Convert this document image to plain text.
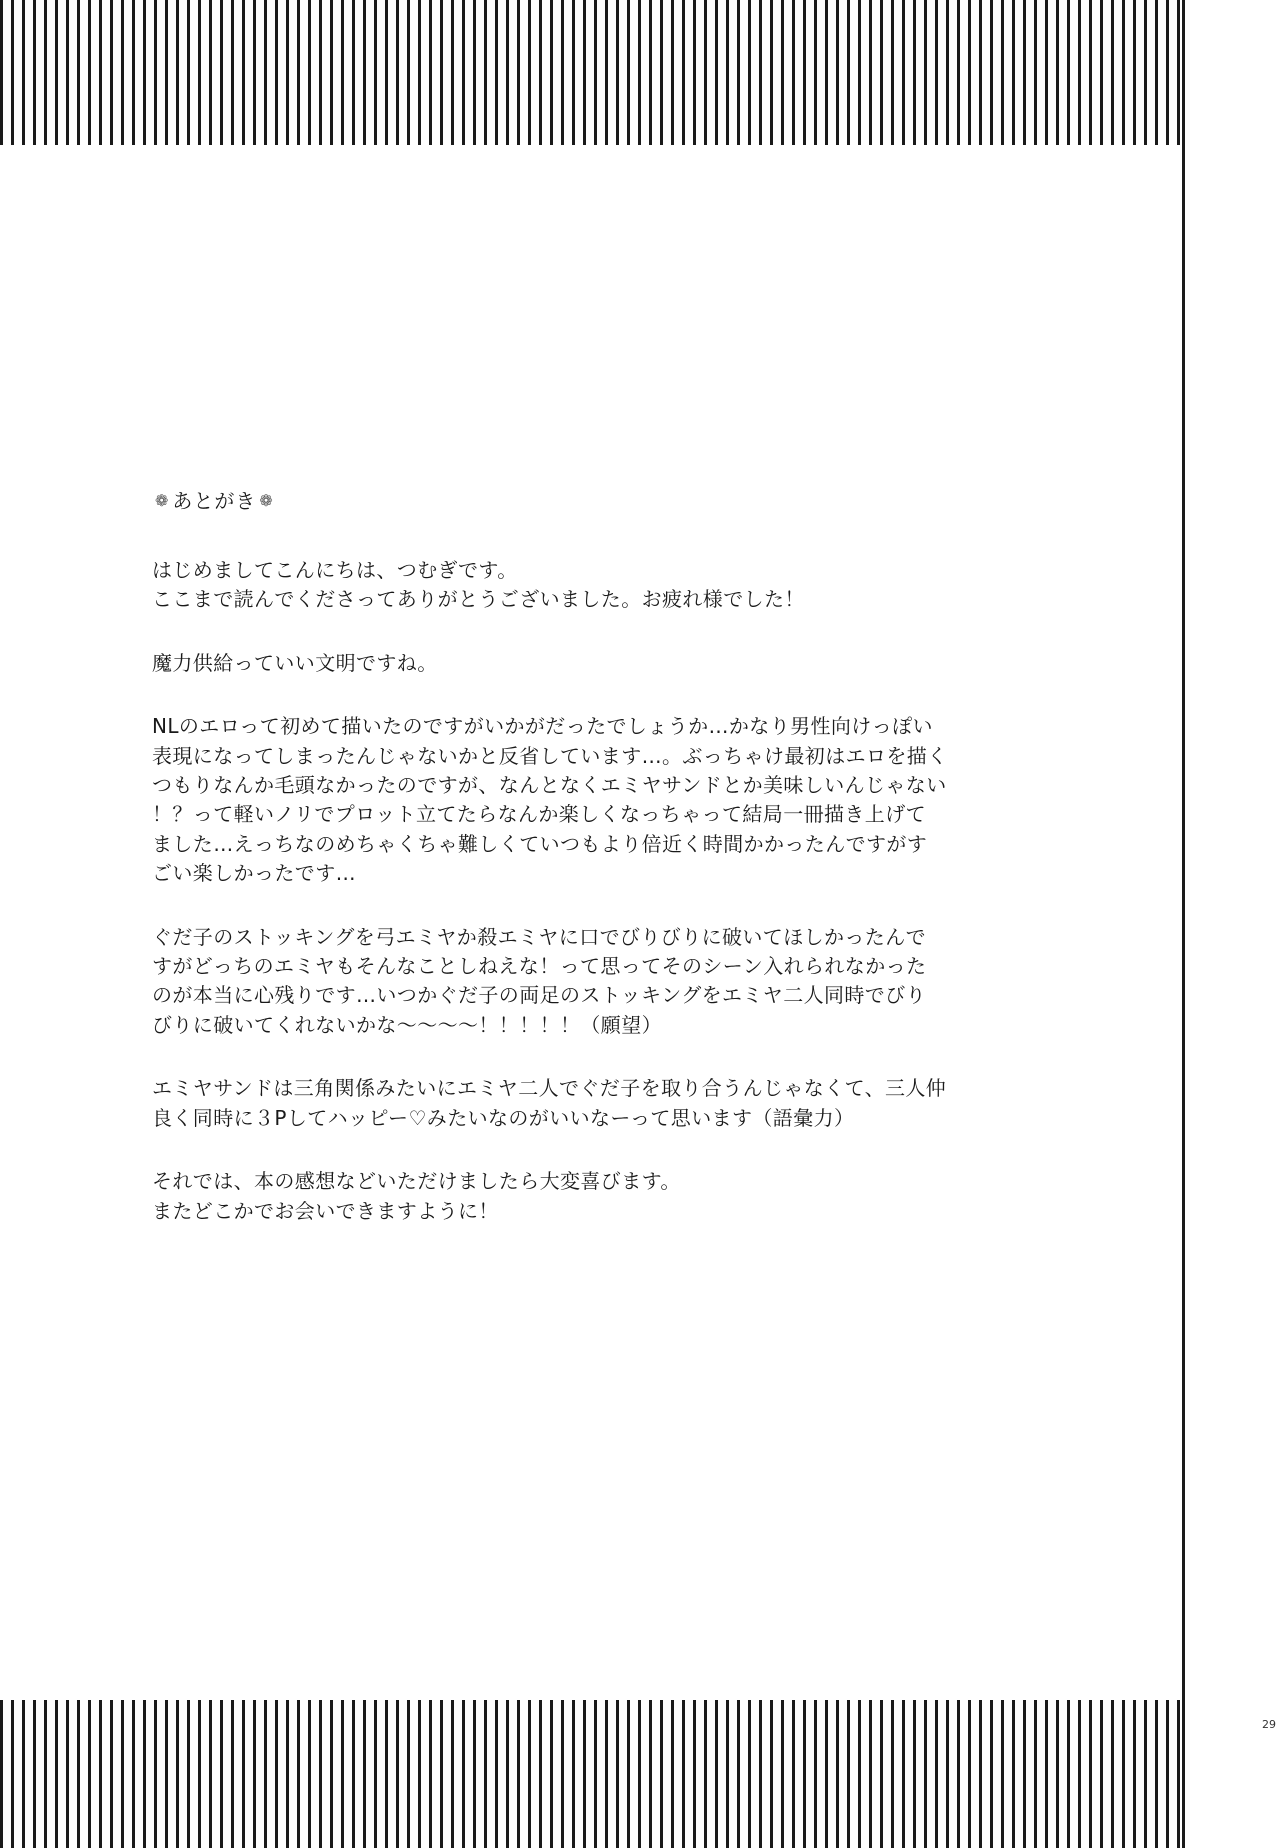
❁ あとがき ❁
はじめましてこんにちは、つむぎです。
ここまで読んでくださってありがとうございました。お疲れ様でした！
魔力供給っていい文明ですね。
NLのエロって初めて描いたのですがいかがだったでしょうか…かなり男性向けっぽい
表現になってしまったんじゃないかと反省しています…。ぶっちゃけ最初はエロを描く
つもりなんか毛頭なかったのですが、なんとなくエミヤサンドとか美味しいんじゃない
！？って軽いノリでプロット立てたらなんか楽しくなっちゃって結局一冊描き上げて
ました…えっちなのめちゃくちゃ難しくていつもより倍近く時間かかったんですがす
ごい楽しかったです…
ぐだ子のストッキングを弓エミヤか殺エミヤに口でびりびりに破いてほしかったんで
すがどっちのエミヤもそんなことしねえな！って思ってそのシーン入れられなかった
のが本当に心残りです…いつかぐだ子の両足のストッキングをエミヤ二人同時でびり
びりに破いてくれないかな～～～～！！！！！（願望）
エミヤサンドは三角関係みたいにエミヤ二人でぐだ子を取り合うんじゃなくて、三人仲
良く同時に３Pしてハッピー♡みたいなのがいいなーって思います（語彙力）
それでは、本の感想などいただけましたら大変喜びます。
またどこかでお会いできますように！
29
